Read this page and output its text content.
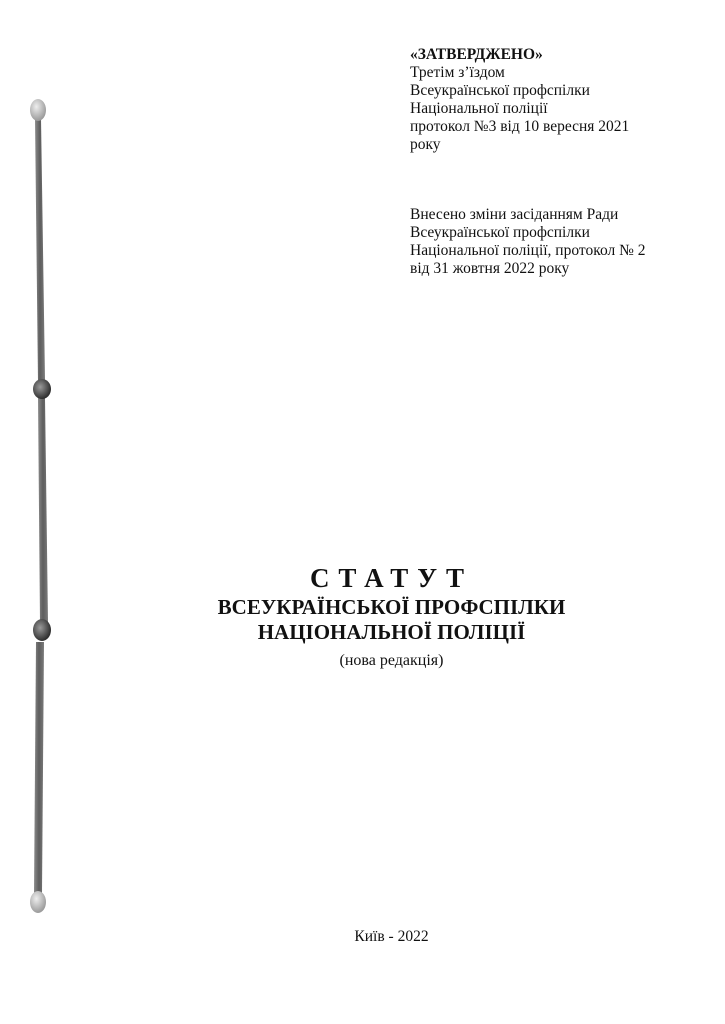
«ЗАТВЕРДЖЕНО»
Третім з’їздом
Всеукраїнської профспілки
Національної поліції
протокол №3 від 10 вересня 2021
року
Внесено зміни засіданням Ради
Всеукраїнської профспілки
Національної поліції, протокол № 2
від 31 жовтня 2022 року
СТАТУТ
ВСЕУКРАЇНСЬКОЇ ПРОФСПІЛКИ
НАЦІОНАЛЬНОЇ ПОЛІЦІЇ
(нова редакція)
Київ - 2022
